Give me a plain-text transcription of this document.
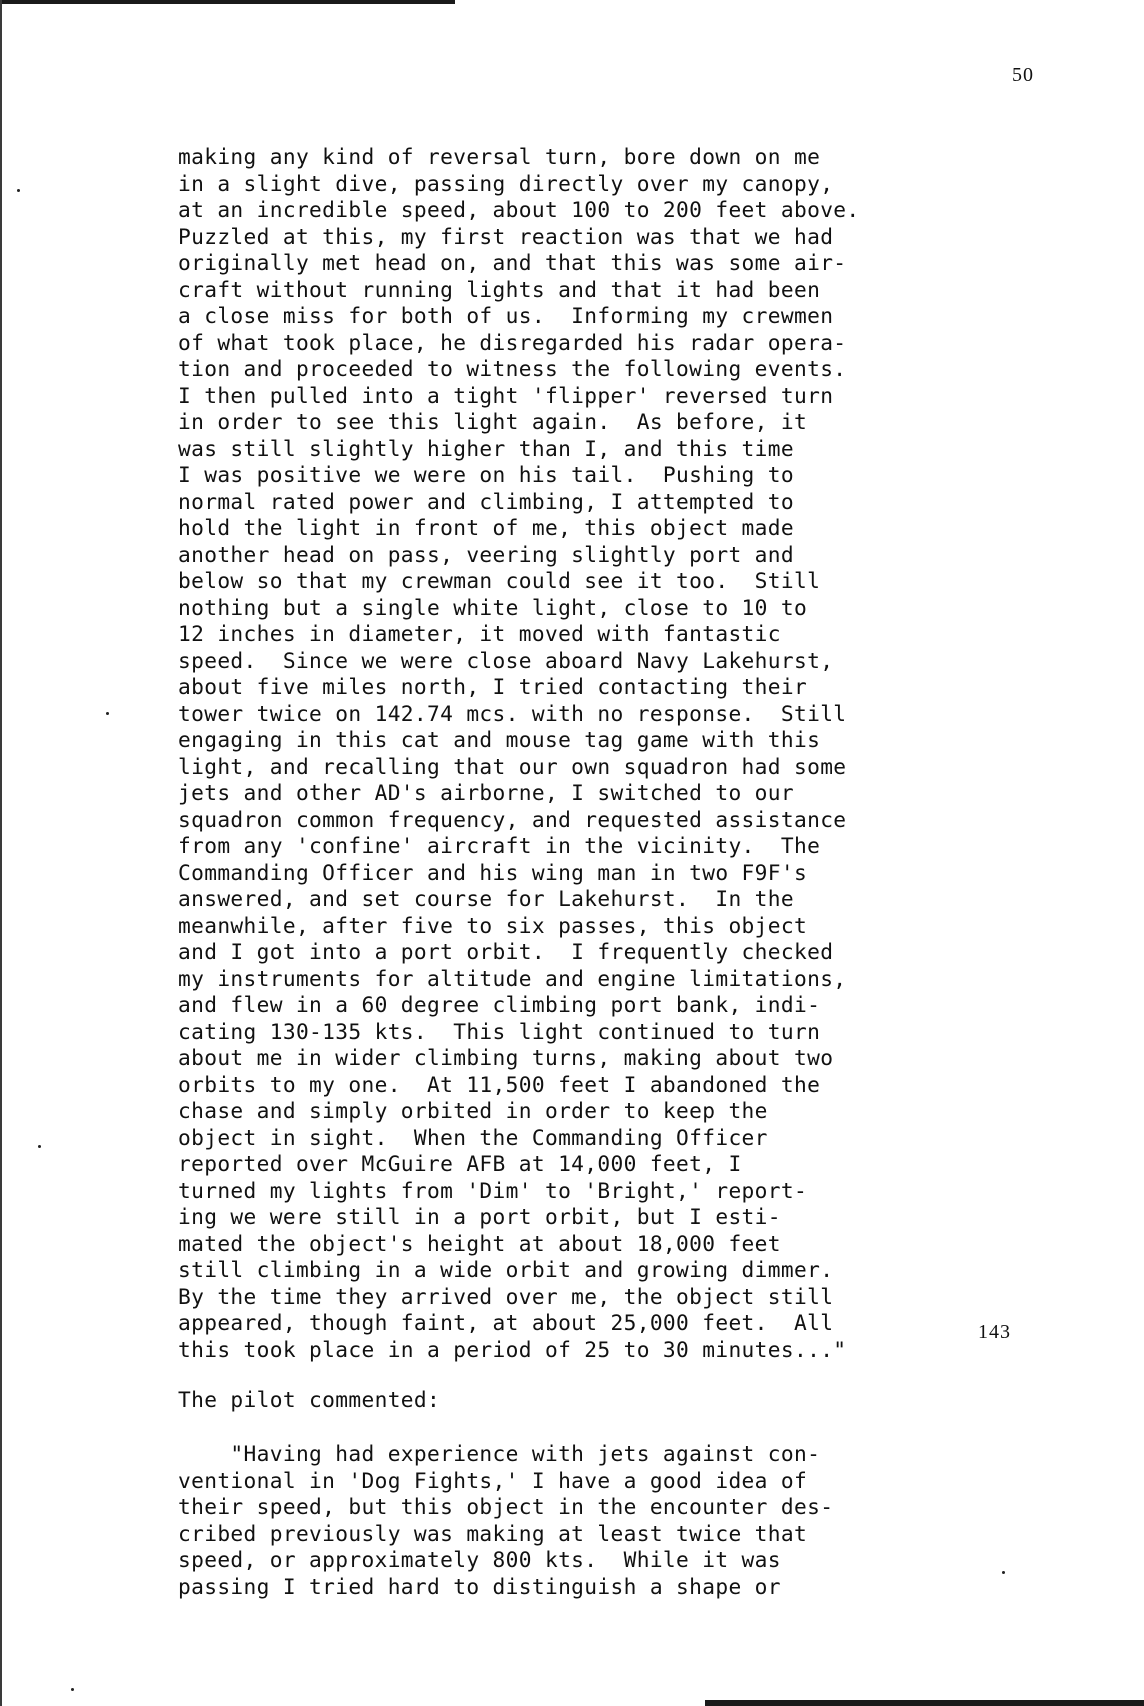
50
making any kind of reversal turn, bore down on me
in a slight dive, passing directly over my canopy,
at an incredible speed, about 100 to 200 feet above.
Puzzled at this, my first reaction was that we had
originally met head on, and that this was some air-
craft without running lights and that it had been
a close miss for both of us.  Informing my crewmen
of what took place, he disregarded his radar opera-
tion and proceeded to witness the following events.
I then pulled into a tight 'flipper' reversed turn
in order to see this light again.  As before, it
was still slightly higher than I, and this time
I was positive we were on his tail.  Pushing to
normal rated power and climbing, I attempted to
hold the light in front of me, this object made
another head on pass, veering slightly port and
below so that my crewman could see it too.  Still
nothing but a single white light, close to 10 to
12 inches in diameter, it moved with fantastic
speed.  Since we were close aboard Navy Lakehurst,
about five miles north, I tried contacting their
tower twice on 142.74 mcs. with no response.  Still
engaging in this cat and mouse tag game with this
light, and recalling that our own squadron had some
jets and other AD's airborne, I switched to our
squadron common frequency, and requested assistance
from any 'confine' aircraft in the vicinity.  The
Commanding Officer and his wing man in two F9F's
answered, and set course for Lakehurst.  In the
meanwhile, after five to six passes, this object
and I got into a port orbit.  I frequently checked
my instruments for altitude and engine limitations,
and flew in a 60 degree climbing port bank, indi-
cating 130-135 kts.  This light continued to turn
about me in wider climbing turns, making about two
orbits to my one.  At 11,500 feet I abandoned the
chase and simply orbited in order to keep the
object in sight.  When the Commanding Officer
reported over McGuire AFB at 14,000 feet, I
turned my lights from 'Dim' to 'Bright,' report-
ing we were still in a port orbit, but I esti-
mated the object's height at about 18,000 feet
still climbing in a wide orbit and growing dimmer.
By the time they arrived over me, the object still
appeared, though faint, at about 25,000 feet.  All
this took place in a period of 25 to 30 minutes..."
143
The pilot commented:
"Having had experience with jets against con-
ventional in 'Dog Fights,' I have a good idea of
their speed, but this object in the encounter des-
cribed previously was making at least twice that
speed, or approximately 800 kts.  While it was
passing I tried hard to distinguish a shape or
